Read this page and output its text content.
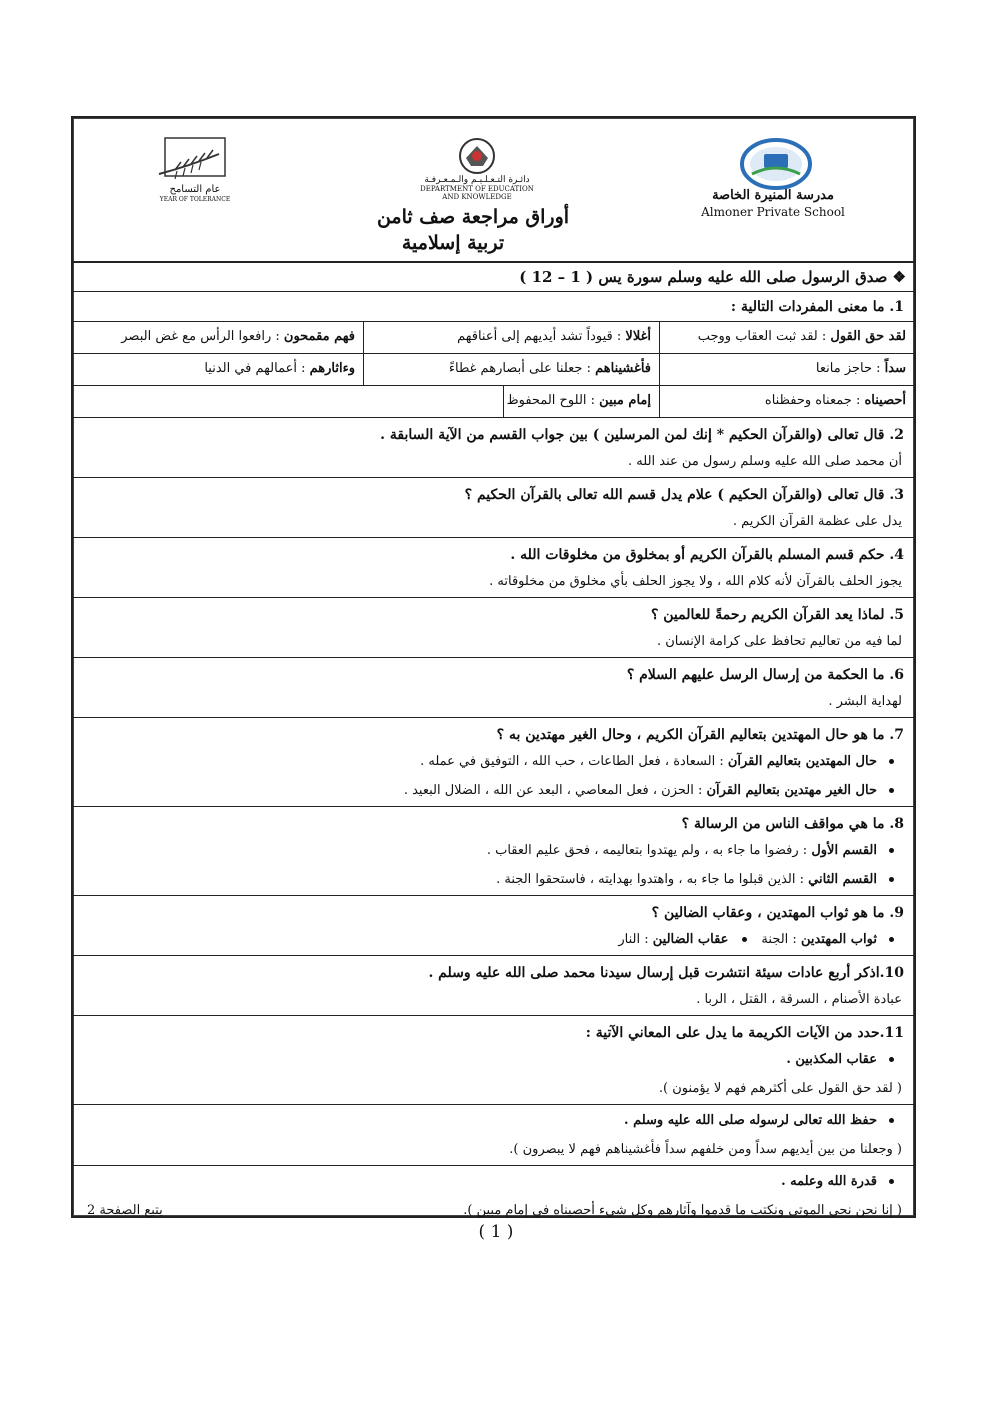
مدرسة المنيرة الخاصة
Almoner Private School
دائـرة التـعـلـيـم والـمـعـرفـة
DEPARTMENT OF EDUCATION
AND KNOWLEDGE
أوراق مراجعة صف ثامن
تربية إسلامية
عام التسامح
YEAR OF TOLERANCE
❖ صدق الرسول صلى الله عليه وسلم سورة يس ( 1 – 12 )
1. ما معنى المفردات التالية :
لقد حق القول : لقد ثبت العقاب ووجب
أغلالا : قيوداً تشد أيديهم إلى أعناقهم
فهم مقمحون : رافعوا الرأس مع غض البصر
سداً : حاجز مانعا
فأغشيناهم : جعلنا على أبصارهم غطاءً
وءاثارهم : أعمالهم في الدنيا
أحصيناه : جمعناه وحفظناه
إمام مبين : اللوح المحفوظ
2. قال تعالى (والقرآن الحكيم * إنك لمن المرسلين ) بين جواب القسم من الآية السابقة .
أن محمد صلى الله عليه وسلم رسول من عند الله .
3. قال تعالى (والقرآن الحكيم ) علام يدل قسم الله تعالى بالقرآن الحكيم ؟
يدل على عظمة القرآن الكريم .
4. حكم قسم المسلم بالقرآن الكريم أو بمخلوق من مخلوقات الله .
يجوز الحلف بالقرآن لأنه كلام الله ، ولا يجوز الحلف بأي مخلوق من مخلوقاته .
5. لماذا يعد القرآن الكريم رحمةً للعالمين ؟
لما فيه من تعاليم تحافظ على كرامة الإنسان .
6. ما الحكمة من إرسال الرسل عليهم السلام ؟
لهداية البشر .
7. ما هو حال المهتدين بتعاليم القرآن الكريم ، وحال الغير مهتدين به ؟
حال المهتدين بتعاليم القرآن : السعادة ، فعل الطاعات ، حب الله ، التوفيق في عمله .
حال الغير مهتدين بتعاليم القرآن : الحزن ، فعل المعاصي ، البعد عن الله ، الضلال البعيد .
8. ما هي مواقف الناس من الرسالة ؟
القسم الأول : رفضوا ما جاء به ، ولم يهتدوا بتعاليمه ، فحق عليم العقاب .
القسم الثاني : الذين قبلوا ما جاء به ، واهتدوا بهدايته ، فاستحقوا الجنة .
9. ما هو ثواب المهتدين ، وعقاب الضالين ؟
ثواب المهتدين : الجنةعقاب الضالين : النار
10.اذكر أربع عادات سيئة انتشرت قبل إرسال سيدنا محمد صلى الله عليه وسلم .
عبادة الأصنام ، السرقة ، القتل ، الربا .
11.حدد من الآيات الكريمة ما يدل على المعاني الآتية :
عقاب المكذبين .
( لقد حق القول على أكثرهم فهم لا يؤمنون ).
حفظ الله تعالى لرسوله صلى الله عليه وسلم .
( وجعلنا من بين أيديهم سداً ومن خلفهم سداً فأغشيناهم فهم لا يبصرون ).
قدرة الله وعلمه .
( إنا نحن نحي الموتى ونكتب ما قدموا وآثارهم وكل شيء أحصيناه في إمام مبين ).
يتبع الصفحة 2
( 1 )
